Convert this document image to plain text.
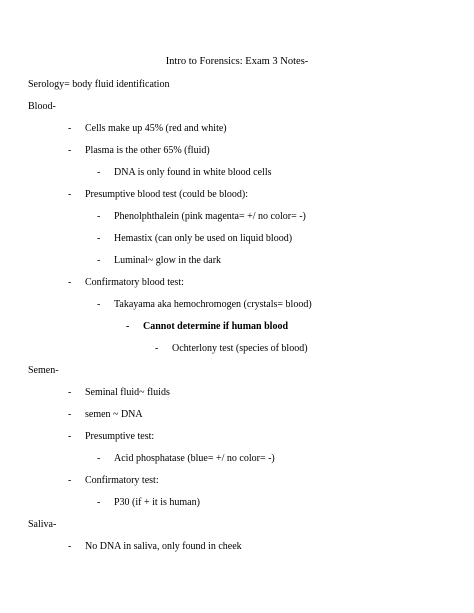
Intro to Forensics: Exam 3 Notes-
Serology= body fluid identification
Blood-
- Cells make up 45% (red and white)
- Plasma is the other 65% (fluid)
- DNA is only found in white blood cells
- Presumptive blood test (could be blood):
- Phenolphthalein (pink magenta= +/ no color= -)
- Hemastix (can only be used on liquid blood)
- Luminal~ glow in the dark
- Confirmatory blood test:
- Takayama aka hemochromogen (crystals= blood)
- Cannot determine if human blood
- Ochterlony test (species of blood)
Semen-
- Seminal fluid~ fluids
- semen ~ DNA
- Presumptive test:
- Acid phosphatase (blue= +/ no color= -)
- Confirmatory test:
- P30 (if + it is human)
Saliva-
- No DNA in saliva, only found in cheek
